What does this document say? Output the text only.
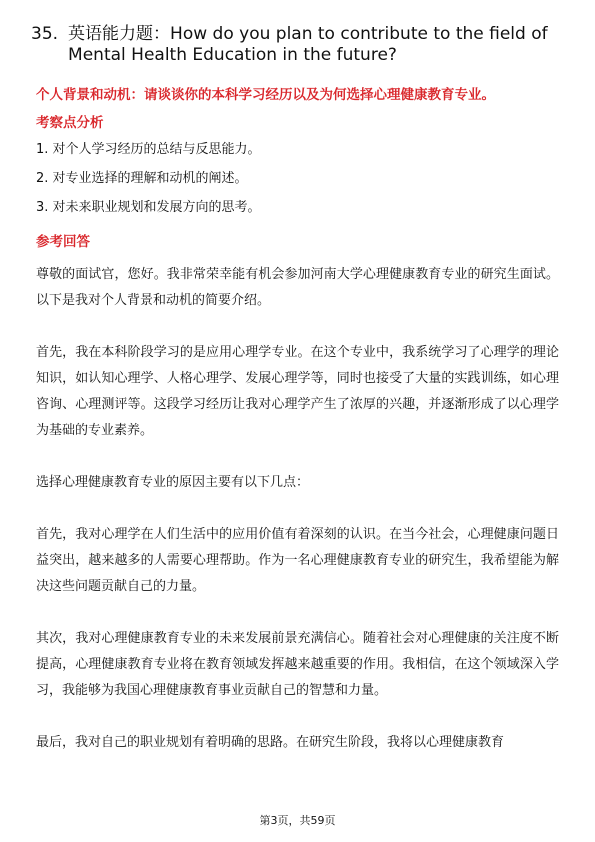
35. 英语能力题：How do you plan to contribute to the field of Mental Health Education in the future?
个人背景和动机：请谈谈你的本科学习经历以及为何选择心理健康教育专业。
考察点分析
1. 对个人学习经历的总结与反思能力。
2. 对专业选择的理解和动机的阐述。
3. 对未来职业规划和发展方向的思考。
参考回答

尊敬的面试官，您好。我非常荣幸能有机会参加河南大学心理健康教育专业的研究生面试。以下是我对个人背景和动机的简要介绍。

首先，我在本科阶段学习的是应用心理学专业。在这个专业中，我系统学习了心理学的理论知识，如认知心理学、人格心理学、发展心理学等，同时也接受了大量的实践训练，如心理咨询、心理测评等。这段学习经历让我对心理学产生了浓厚的兴趣，并逐渐形成了以心理学为基础的专业素养。

选择心理健康教育专业的原因主要有以下几点：

首先，我对心理学在人们生活中的应用价值有着深刻的认识。在当今社会，心理健康问题日益突出，越来越多的人需要心理帮助。作为一名心理健康教育专业的研究生，我希望能为解决这些问题贡献自己的力量。

其次，我对心理健康教育专业的未来发展前景充满信心。随着社会对心理健康的关注度不断提高，心理健康教育专业将在教育领域发挥越来越重要的作用。我相信，在这个领域深入学习，我能够为我国心理健康教育事业贡献自己的智慧和力量。

最后，我对自己的职业规划有着明确的思路。在研究生阶段，我将以心理健康教育

第3页，共59页
